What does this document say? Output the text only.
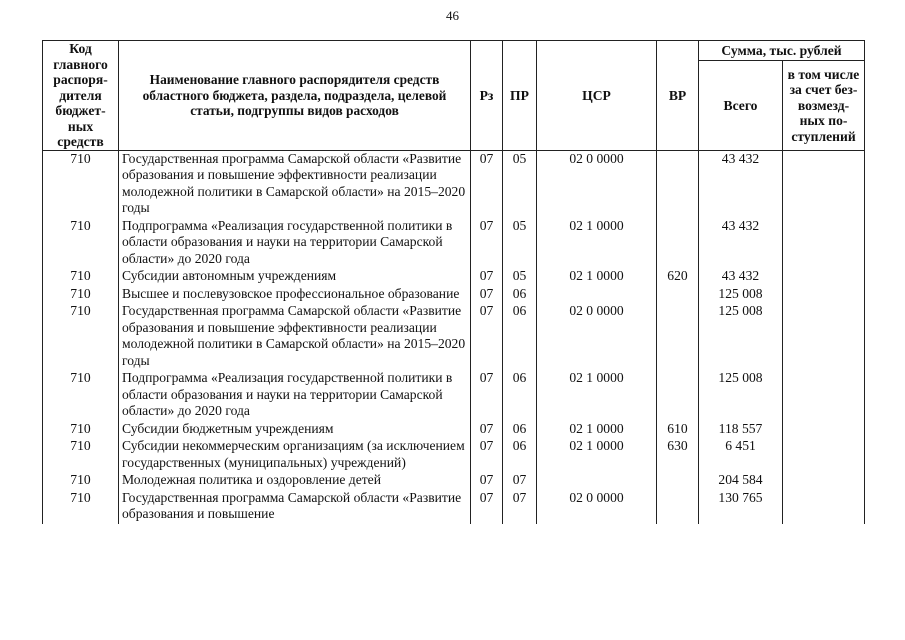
46
Код главного распоря- дителя бюджет- ных средств	Наименование главного распорядителя средств областного бюджета, раздела, подраздела, целевой статьи, подгруппы видов расходов	Рз	ПР	ЦСР	ВР	Сумма, тыс. рублей	
						Всего	в том числе за счет без- возмезд- ных по- ступлений
710	Государственная программа Самарской области «Развитие образования и повышение эффективности реализации молодежной политики в Самарской области» на 2015–2020 годы	07	05	02 0 0000		43 432	
710	Подпрограмма «Реализация государственной политики в области образования и науки на территории Самарской области» до 2020 года	07	05	02 1 0000		43 432	
710	Субсидии автономным учреждениям	07	05	02 1 0000	620	43 432	
710	Высшее и послевузовское профессиональное образование	07	06			125 008	
710	Государственная программа Самарской области «Развитие образования и повышение эффективности реализации молодежной политики в Самарской области» на 2015–2020 годы	07	06	02 0 0000		125 008	
710	Подпрограмма «Реализация государственной политики в области образования и науки на территории Самарской области» до 2020 года	07	06	02 1 0000		125 008	
710	Субсидии бюджетным учреждениям	07	06	02 1 0000	610	118 557	
710	Субсидии некоммерческим организациям (за исключением государственных (муниципальных) учреждений)	07	06	02 1 0000	630	6 451	
710	Молодежная политика и оздоровление детей	07	07			204 584	
710	Государственная программа Самарской области «Развитие образования и повышение	07	07	02 0 0000		130 765	
